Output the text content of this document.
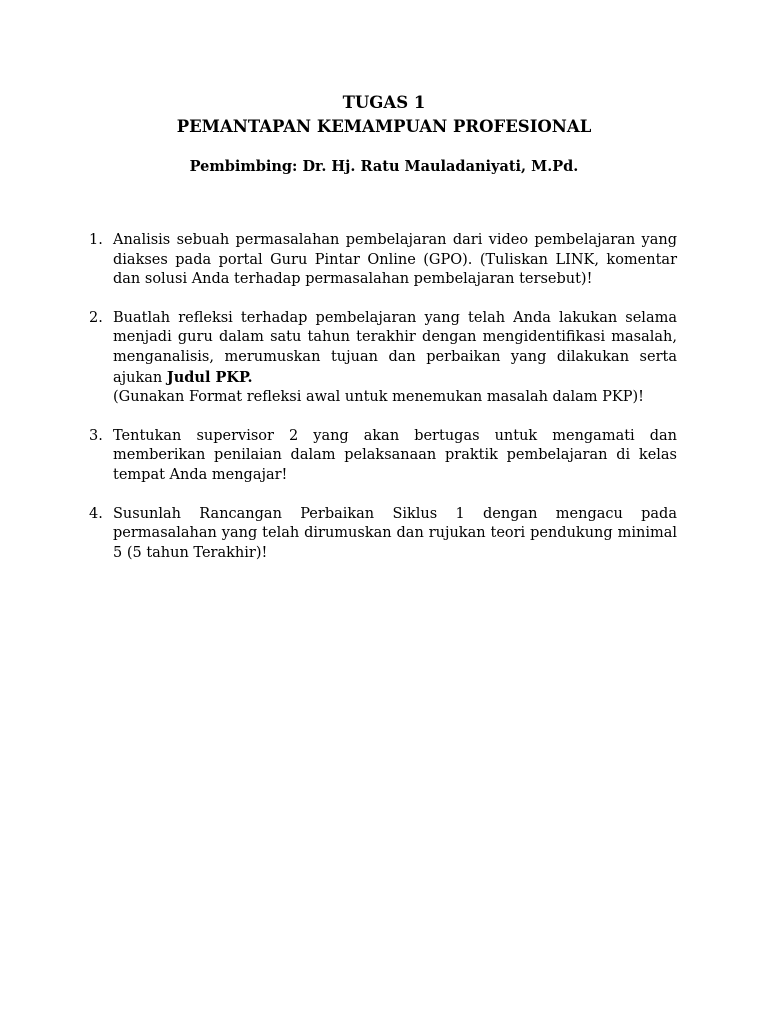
TUGAS 1
PEMANTAPAN KEMAMPUAN PROFESIONAL
Pembimbing: Dr. Hj. Ratu Mauladaniyati, M.Pd.
1. Analisis sebuah permasalahan pembelajaran dari video pembelajaran yang diakses pada portal Guru Pintar Online (GPO). (Tuliskan LINK, komentar dan solusi Anda terhadap permasalahan pembelajaran tersebut)!
2. Buatlah refleksi terhadap pembelajaran yang telah Anda lakukan selama menjadi guru dalam satu tahun terakhir dengan mengidentifikasi masalah, menganalisis, merumuskan tujuan dan perbaikan yang dilakukan serta ajukan Judul PKP.
(Gunakan Format refleksi awal untuk menemukan masalah dalam PKP)!
3. Tentukan supervisor 2 yang akan bertugas untuk mengamati dan memberikan penilaian dalam pelaksanaan praktik pembelajaran di kelas tempat Anda mengajar!
4. Susunlah Rancangan Perbaikan Siklus 1 dengan mengacu pada permasalahan yang telah dirumuskan dan rujukan teori pendukung minimal 5 (5 tahun Terakhir)!
